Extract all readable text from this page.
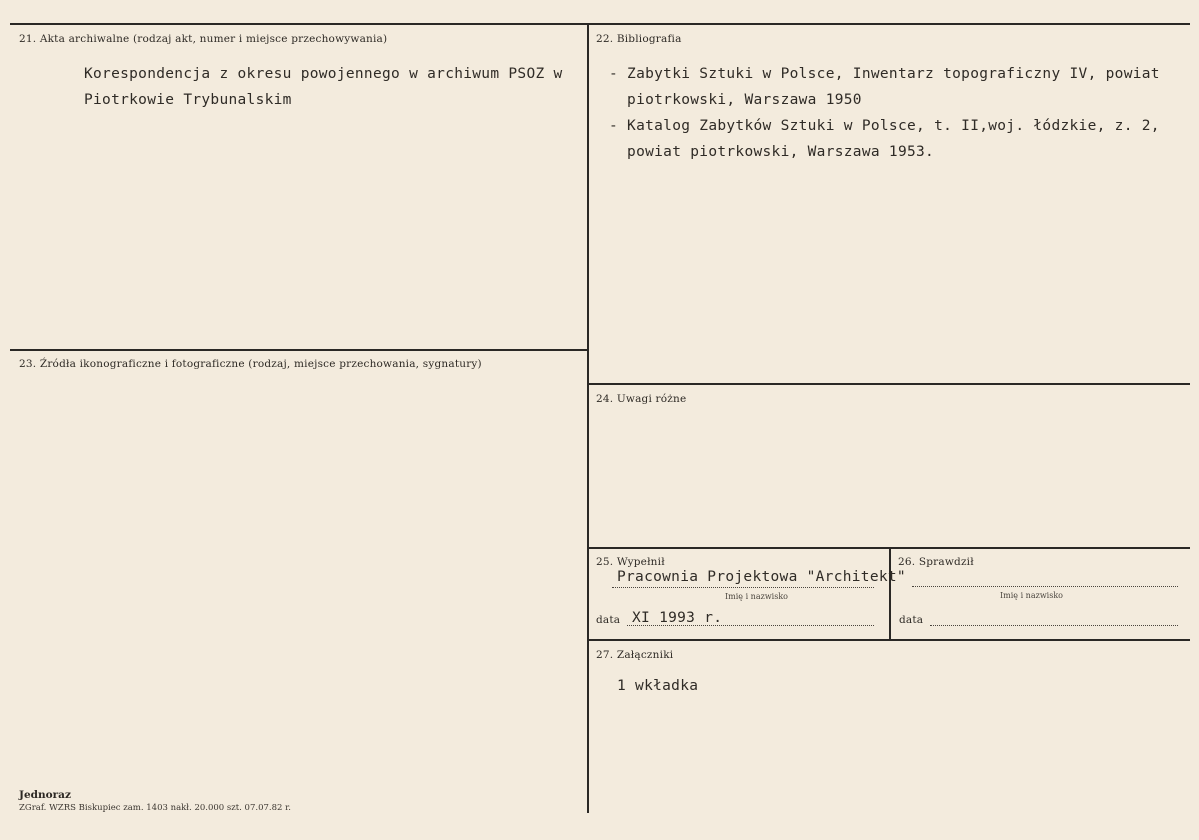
21. Akta archiwalne (rodzaj akt, numer i miejsce przechowywania)
Korespondencja z okresu powojennego w archiwum PSOZ w
Piotrkowie Trybunalskim
22. Bibliografia
- Zabytki Sztuki w Polsce, Inwentarz topograficzny IV, powiat
piotrkowski, Warszawa 1950
- Katalog Zabytków Sztuki w Polsce, t. II,woj. łódzkie, z. 2,
powiat piotrkowski, Warszawa 1953.
23. Źródła ikonograficzne i fotograficzne (rodzaj, miejsce przechowania, sygnatury)
24. Uwagi różne
25. Wypełnił
Pracownia Projektowa "Architekt"
Imię i nazwisko
data XI 1993 r.
26. Sprawdził
Imię i nazwisko
data
27. Załączniki
1 wkładka
Jednoraz
ZGraf. WZRS Biskupiec zam. 1403 nakł. 20.000 szt. 07.07.82 r.
